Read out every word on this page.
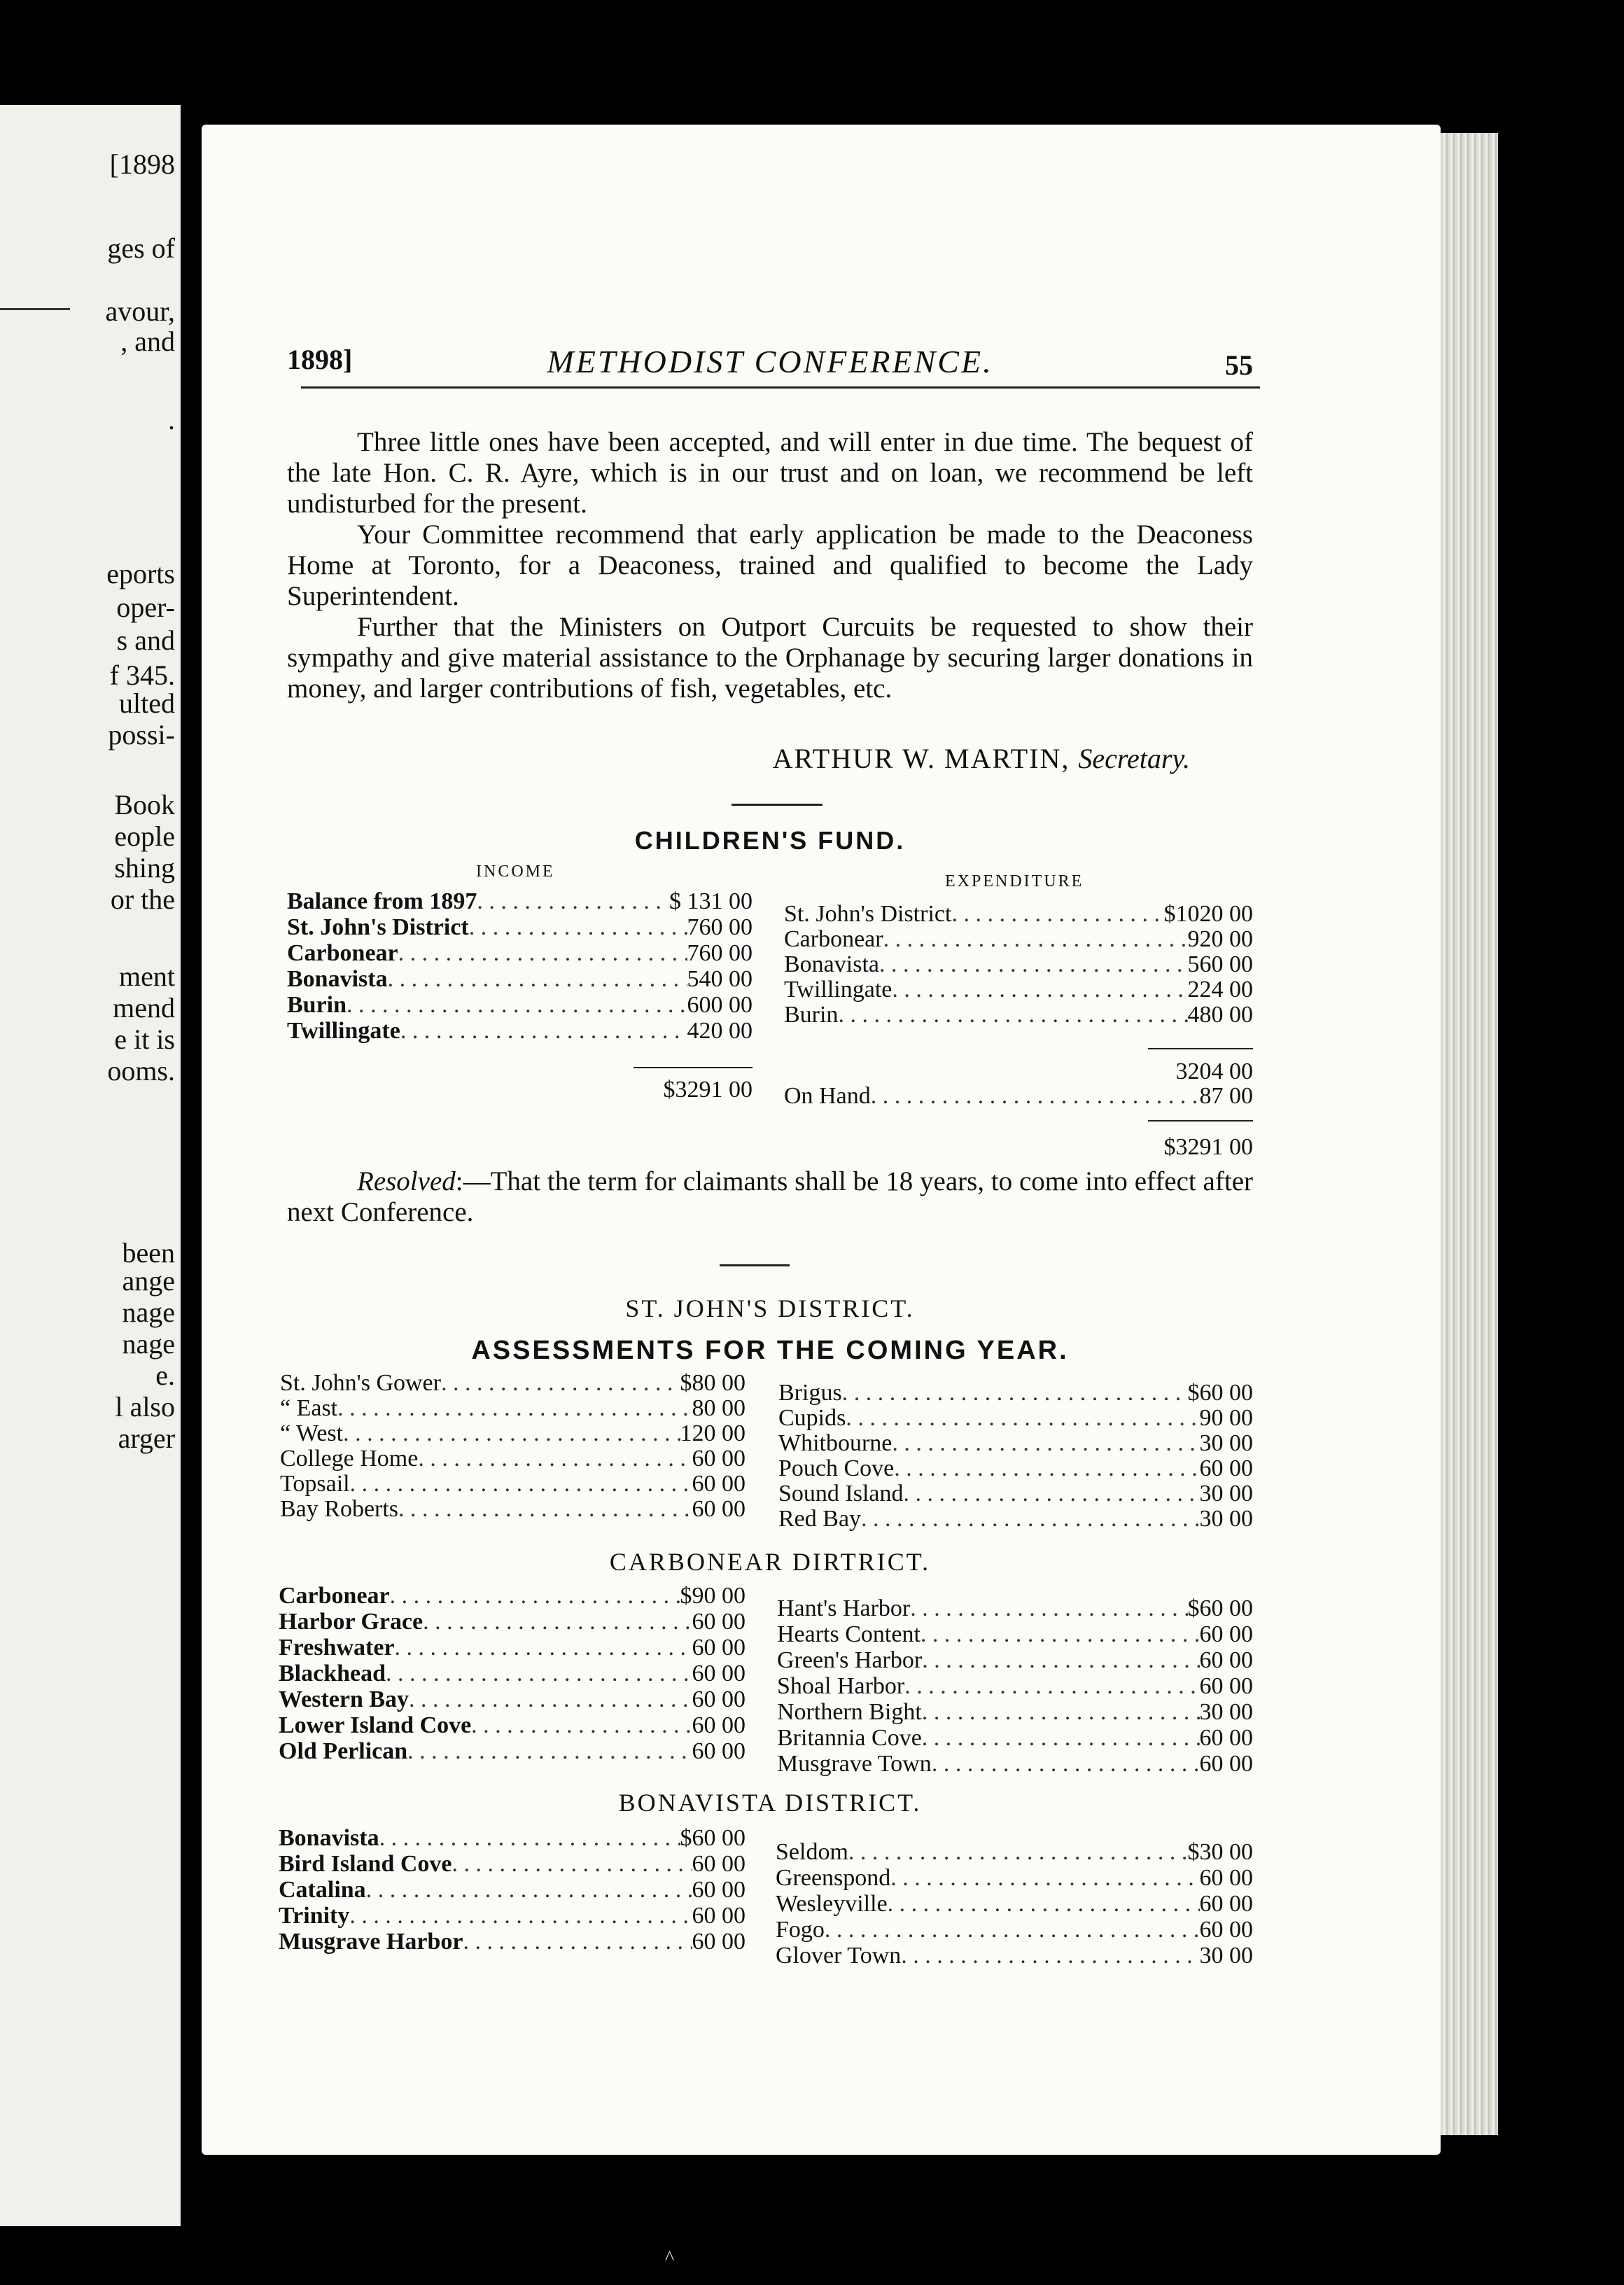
[1898
ges of
avour,
, and
.
eports
oper-
s and
f 345.
ulted
possi-
Book
eople
shing
or the
ment
mend
e it is
ooms.
been
ange
nage
nage
e.
l also
arger
1898]	METHODIST CONFERENCE.	55

Three little ones have been accepted, and will enter in due time. The bequest of the late Hon. C. R. Ayre, which is in our trust and on loan, we recommend be left undisturbed for the present.

Your Committee recommend that early application be made to the Deaconess Home at Toronto, for a Deaconess, trained and qualified to become the Lady Superintendent.

Further that the Ministers on Outport Curcuits be requested to show their sympathy and give material assistance to the Orphanage by securing larger donations in money, and larger contributions of fish, vegetables, etc.

ARTHUR W. MARTIN, Secretary.
CHILDREN'S FUND.
INCOME
EXPENDITURE
Balance from 1897 . . .	$ 131 00
St. John's District . . .	760 00
Carbonear . . .	760 00
Bonavista . . .	540 00
Burin . . .	600 00
Twillingate . . .	420 00
St. John's District . . .	$1020 00
Carbonear . . .	920 00
Bonavista . . .	560 00
Twillingate . . .	224 00
Burin . . .	480 00
$3291 00
3204 00
On Hand . . .	87 00
$3291 00

Resolved:—That the term for claimants shall be 18 years, to come into effect after next Conference.

ST. JOHN'S DISTRICT.
ASSESSMENTS FOR THE COMING YEAR.
St. John's Gower . . .	$80 00
“ East . . .	80 00
“ West . . .	120 00
College Home . . .	60 00
Topsail . . .	60 00
Bay Roberts . . .	60 00
Brigus . . .	$60 00
Cupids . . .	90 00
Whitbourne . . .	30 00
Pouch Cove . . .	60 00
Sound Island . . .	30 00
Red Bay . . .	30 00
CARBONEAR DIRTRICT.
Carbonear . . .	$90 00
Harbor Grace . . .	60 00
Freshwater . . .	60 00
Blackhead . . .	60 00
Western Bay . . .	60 00
Lower Island Cove . . .	60 00
Old Perlican . . .	60 00
Hant's Harbor . . .	$60 00
Hearts Content . . .	60 00
Green's Harbor . . .	60 00
Shoal Harbor . . .	60 00
Northern Bight . . .	30 00
Britannia Cove . . .	60 00
Musgrave Town . . .	60 00
BONAVISTA DISTRICT.
Bonavista . . .	$60 00
Bird Island Cove . . .	60 00
Catalina . . .	60 00
Trinity . . .	60 00
Musgrave Harbor . . .	60 00
Seldom . . .	$30 00
Greenspond . . .	60 00
Wesleyville . . .	60 00
Fogo . . .	60 00
Glover Town . . .	30 00
^
